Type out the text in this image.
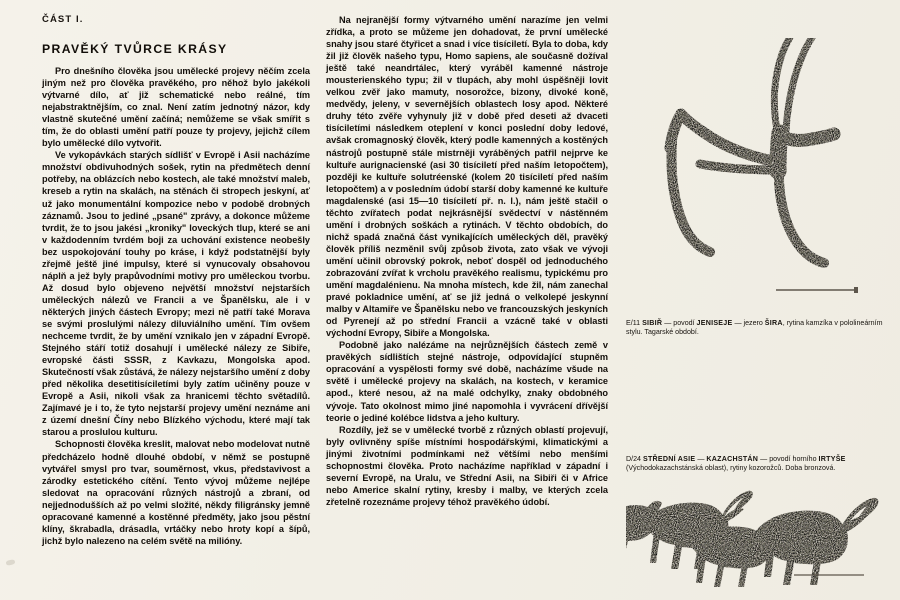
ČÁST I.
PRAVĚKÝ TVŮRCE KRÁSY

Pro dnešního člověka jsou umělecké projevy něčím zcela jiným než pro člověka pravěkého, pro něhož bylo jakékoli výtvarné dílo, ať již schematické nebo reálné, tím nejabstraktnějším, co znal. Není zatím jednotný názor, kdy vlastně skutečné umění začíná; nemůžeme se však smířit s tím, že do oblasti umění patří pouze ty projevy, jejichž cílem bylo umělecké dílo vytvořit.

Ve vykopávkách starých sídlišť v Evropě i Asii nacházíme množství obdivuhodných sošek, rytin na předmětech denní potřeby, na oblázcích nebo kostech, ale také množství maleb, kreseb a rytin na skalách, na stěnách či stropech jeskyní, ať už jako monumentální kompozice nebo v podobě drobných záznamů. Jsou to jediné „psané" zprávy, a dokonce můžeme tvrdit, že to jsou jakési „kroniky" loveckých tlup, které se ani v každodenním tvrdém boji za uchování existence neobešly bez uspokojování touhy po kráse, i když podstatnější byly zřejmě ještě jiné impulsy, které si vynucovaly obsahovou náplň a jež byly prapůvodními motivy pro uměleckou tvorbu. Až dosud bylo objeveno největší množství nejstarších uměleckých nálezů ve Francii a ve Španělsku, ale i v některých jiných částech Evropy; mezi ně patří také Morava se svými proslulými nálezy diluviálního umění. Tím ovšem nechceme tvrdit, že by umění vznikalo jen v západní Evropě. Stejného stáří totiž dosahují i umělecké nálezy ze Sibiře, evropské části SSSR, z Kavkazu, Mongolska apod. Skutečností však zůstává, že nálezy nejstaršího umění z doby před několika desetitisíciletími byly zatím učiněny pouze v Evropě a Asii, nikoli však za hranicemi těchto světadílů. Zajímavé je i to, že tyto nejstarší projevy umění neznáme ani z území dnešní Číny nebo Blízkého východu, které mají tak starou a proslulou kulturu.

Schopnosti člověka kreslit, malovat nebo modelovat nutně předcházelo hodně dlouhé období, v němž se postupně vytvářel smysl pro tvar, souměrnost, vkus, představivost a zárodky estetického cítění. Tento vývoj můžeme nejlépe sledovat na opracování různých nástrojů a zbraní, od nejjednodušších až po velmi složité, někdy filigránsky jemně opracované kamenné a kostěnné předměty, jako jsou pěstní klíny, škrabadla, drásadla, vrtáčky nebo hroty kopí a šípů, jichž bylo nalezeno na celém světě na milióny.

Na nejranější formy výtvarného umění narazíme jen velmi zřídka, a proto se můžeme jen dohadovat, že první umělecké snahy jsou staré čtyřicet a snad i více tisíciletí. Byla to doba, kdy žil již člověk našeho typu, Homo sapiens, ale současně dožíval ještě také neandrtálec, který vyráběl kamenné nástroje mousterienského typu; žil v tlupách, aby mohl úspěšněji lovit velkou zvěř jako mamuty, nosorožce, bizony, divoké koně, medvědy, jeleny, v severnějších oblastech losy apod. Některé druhy této zvěře vyhynuly již v době před deseti až dvaceti tisíciletími následkem oteplení v konci poslední doby ledové, avšak cromagnoský člověk, který podle kamenných a kostěných nástrojů postupně stále mistrněji vyráběných patřil nejprve ke kultuře aurignacienské (asi 30 tisíciletí před naším letopočtem), později ke kultuře solutréenské (kolem 20 tisíciletí před naším letopočtem) a v posledním údobí starší doby kamenné ke kultuře magdalenské (asi 15—10 tisíciletí př. n. l.), nám ještě stačil o těchto zvířatech podat nejkrásnější svědectví v nástěnném umění i drobných soškách a rytinách. V těchto obdobích, do nichž spadá značná část vynikajících uměleckých děl, pravěký člověk příliš nezměnil svůj způsob života, zato však ve vývoji umění učinil obrovský pokrok, neboť dospěl od jednoduchého zobrazování zvířat k vrcholu pravěkého realismu, typickému pro umění magdalénienu. Na mnoha místech, kde žil, nám zanechal pravé pokladnice umění, ať se již jedná o velkolepé jeskynní malby v Altamiře ve Španělsku nebo ve francouzských jeskyních od Pyrenejí až po střední Francii a vzácně také v oblasti východní Evropy, Sibiře a Mongolska.

Podobně jako nalézáme na nejrůznějších částech země v pravěkých sídlištích stejné nástroje, odpovídající stupněm opracování a vyspělosti formy své době, nacházíme všude na světě i umělecké projevy na skalách, na kostech, v keramice apod., které nesou, až na malé odchylky, znaky obdobného vývoje. Tato okolnost mimo jiné napomohla i vyvrácení dřívější teorie o jediné kolébce lidstva a jeho kultury.

Rozdíly, jež se v umělecké tvorbě z různých oblastí projevují, byly ovlivněny spíše místními hospodářskými, klimatickými a jinými životními podmínkami než většími nebo menšími schopnostmi člověka. Proto nacházíme například v západní i severní Evropě, na Uralu, ve Střední Asii, na Sibiři či v Africe nebo Americe skalní rytiny, kresby i malby, ve kterých zcela zřetelně rozeznáme projevy téhož pravěkého údobí.

E/11 SIBIŘ — povodí JENISEJE — jezero ŠIRA, rytina kamzíka v pololineárním stylu. Tagarské období.
D/24 STŘEDNÍ ASIE — KAZACHSTÁN — povodí horního IRTYŠE (Východokazachstánská oblast), rytiny kozorožců. Doba bronzová.
